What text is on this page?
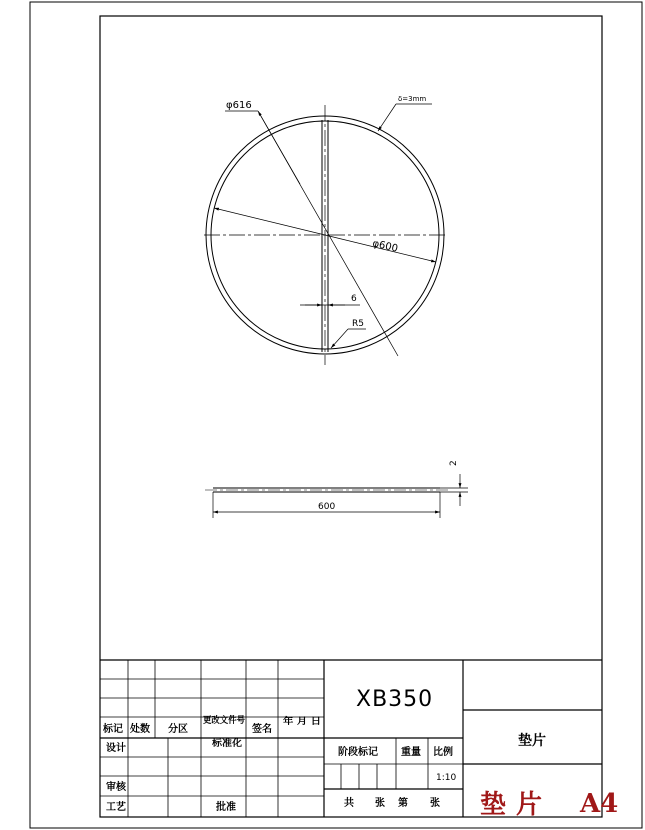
φ616
φ600
δ=3mm
6
R5
600
2
标记 处数 分区
更改文件号
签名
年 月 日
设计	标准化
审核
工艺	批准
阶段标记 重量 比例
共 张 第 张
1:10
XB350
垫片
垫片 A4
